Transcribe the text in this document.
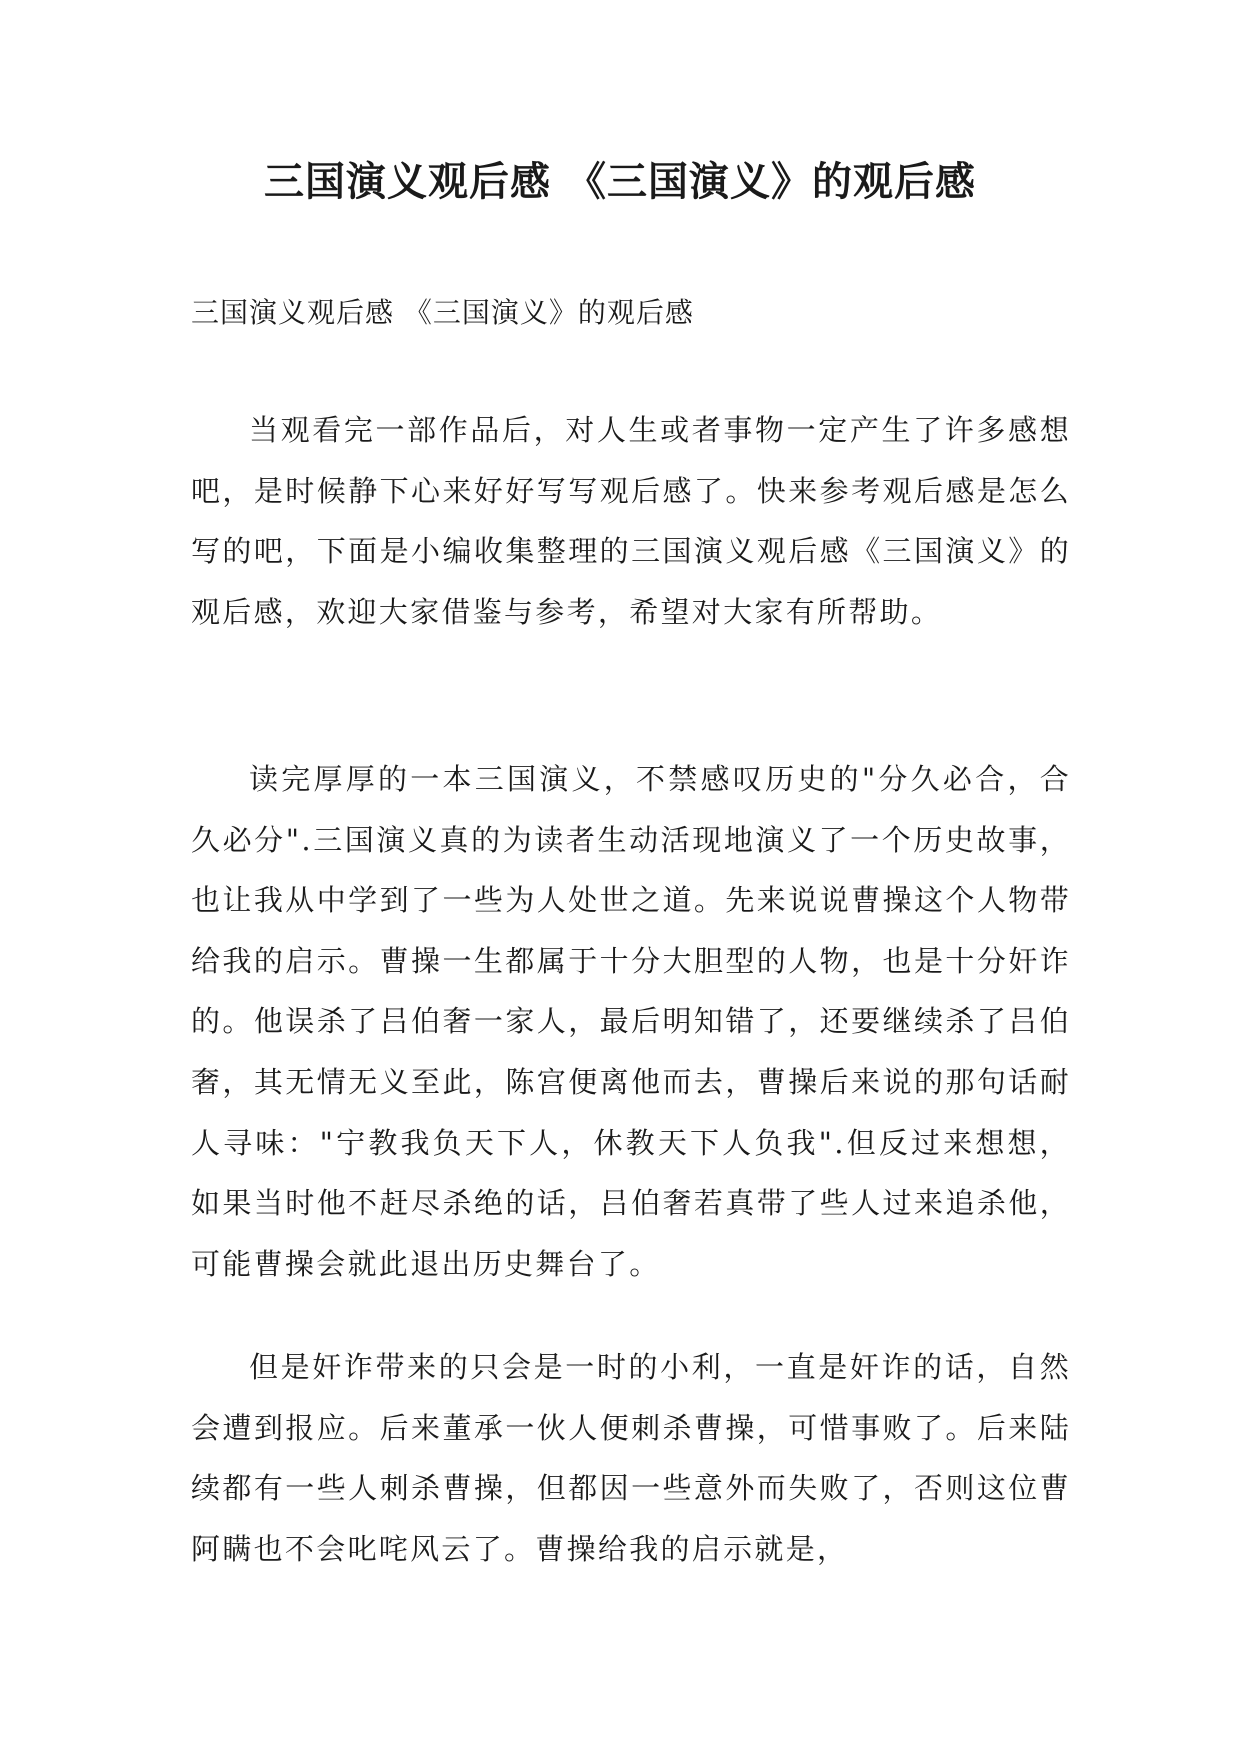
三国演义观后感 《三国演义》的观后感

三国演义观后感 《三国演义》的观后感

当观看完一部作品后，对人生或者事物一定产生了许多感想吧，是时候静下心来好好写写观后感了。快来参考观后感是怎么写的吧，下面是小编收集整理的三国演义观后感《三国演义》的观后感，欢迎大家借鉴与参考，希望对大家有所帮助。

读完厚厚的一本三国演义，不禁感叹历史的"分久必合，合久必分".三国演义真的为读者生动活现地演义了一个历史故事，也让我从中学到了一些为人处世之道。先来说说曹操这个人物带给我的启示。曹操一生都属于十分大胆型的人物，也是十分奸诈的。他误杀了吕伯奢一家人，最后明知错了，还要继续杀了吕伯奢，其无情无义至此，陈宫便离他而去，曹操后来说的那句话耐人寻味："宁教我负天下人，休教天下人负我".但反过来想想，如果当时他不赶尽杀绝的话，吕伯奢若真带了些人过来追杀他，可能曹操会就此退出历史舞台了。

但是奸诈带来的只会是一时的小利，一直是奸诈的话，自然会遭到报应。后来董承一伙人便刺杀曹操，可惜事败了。后来陆续都有一些人刺杀曹操，但都因一些意外而失败了，否则这位曹阿瞒也不会叱咤风云了。曹操给我的启示就是，
